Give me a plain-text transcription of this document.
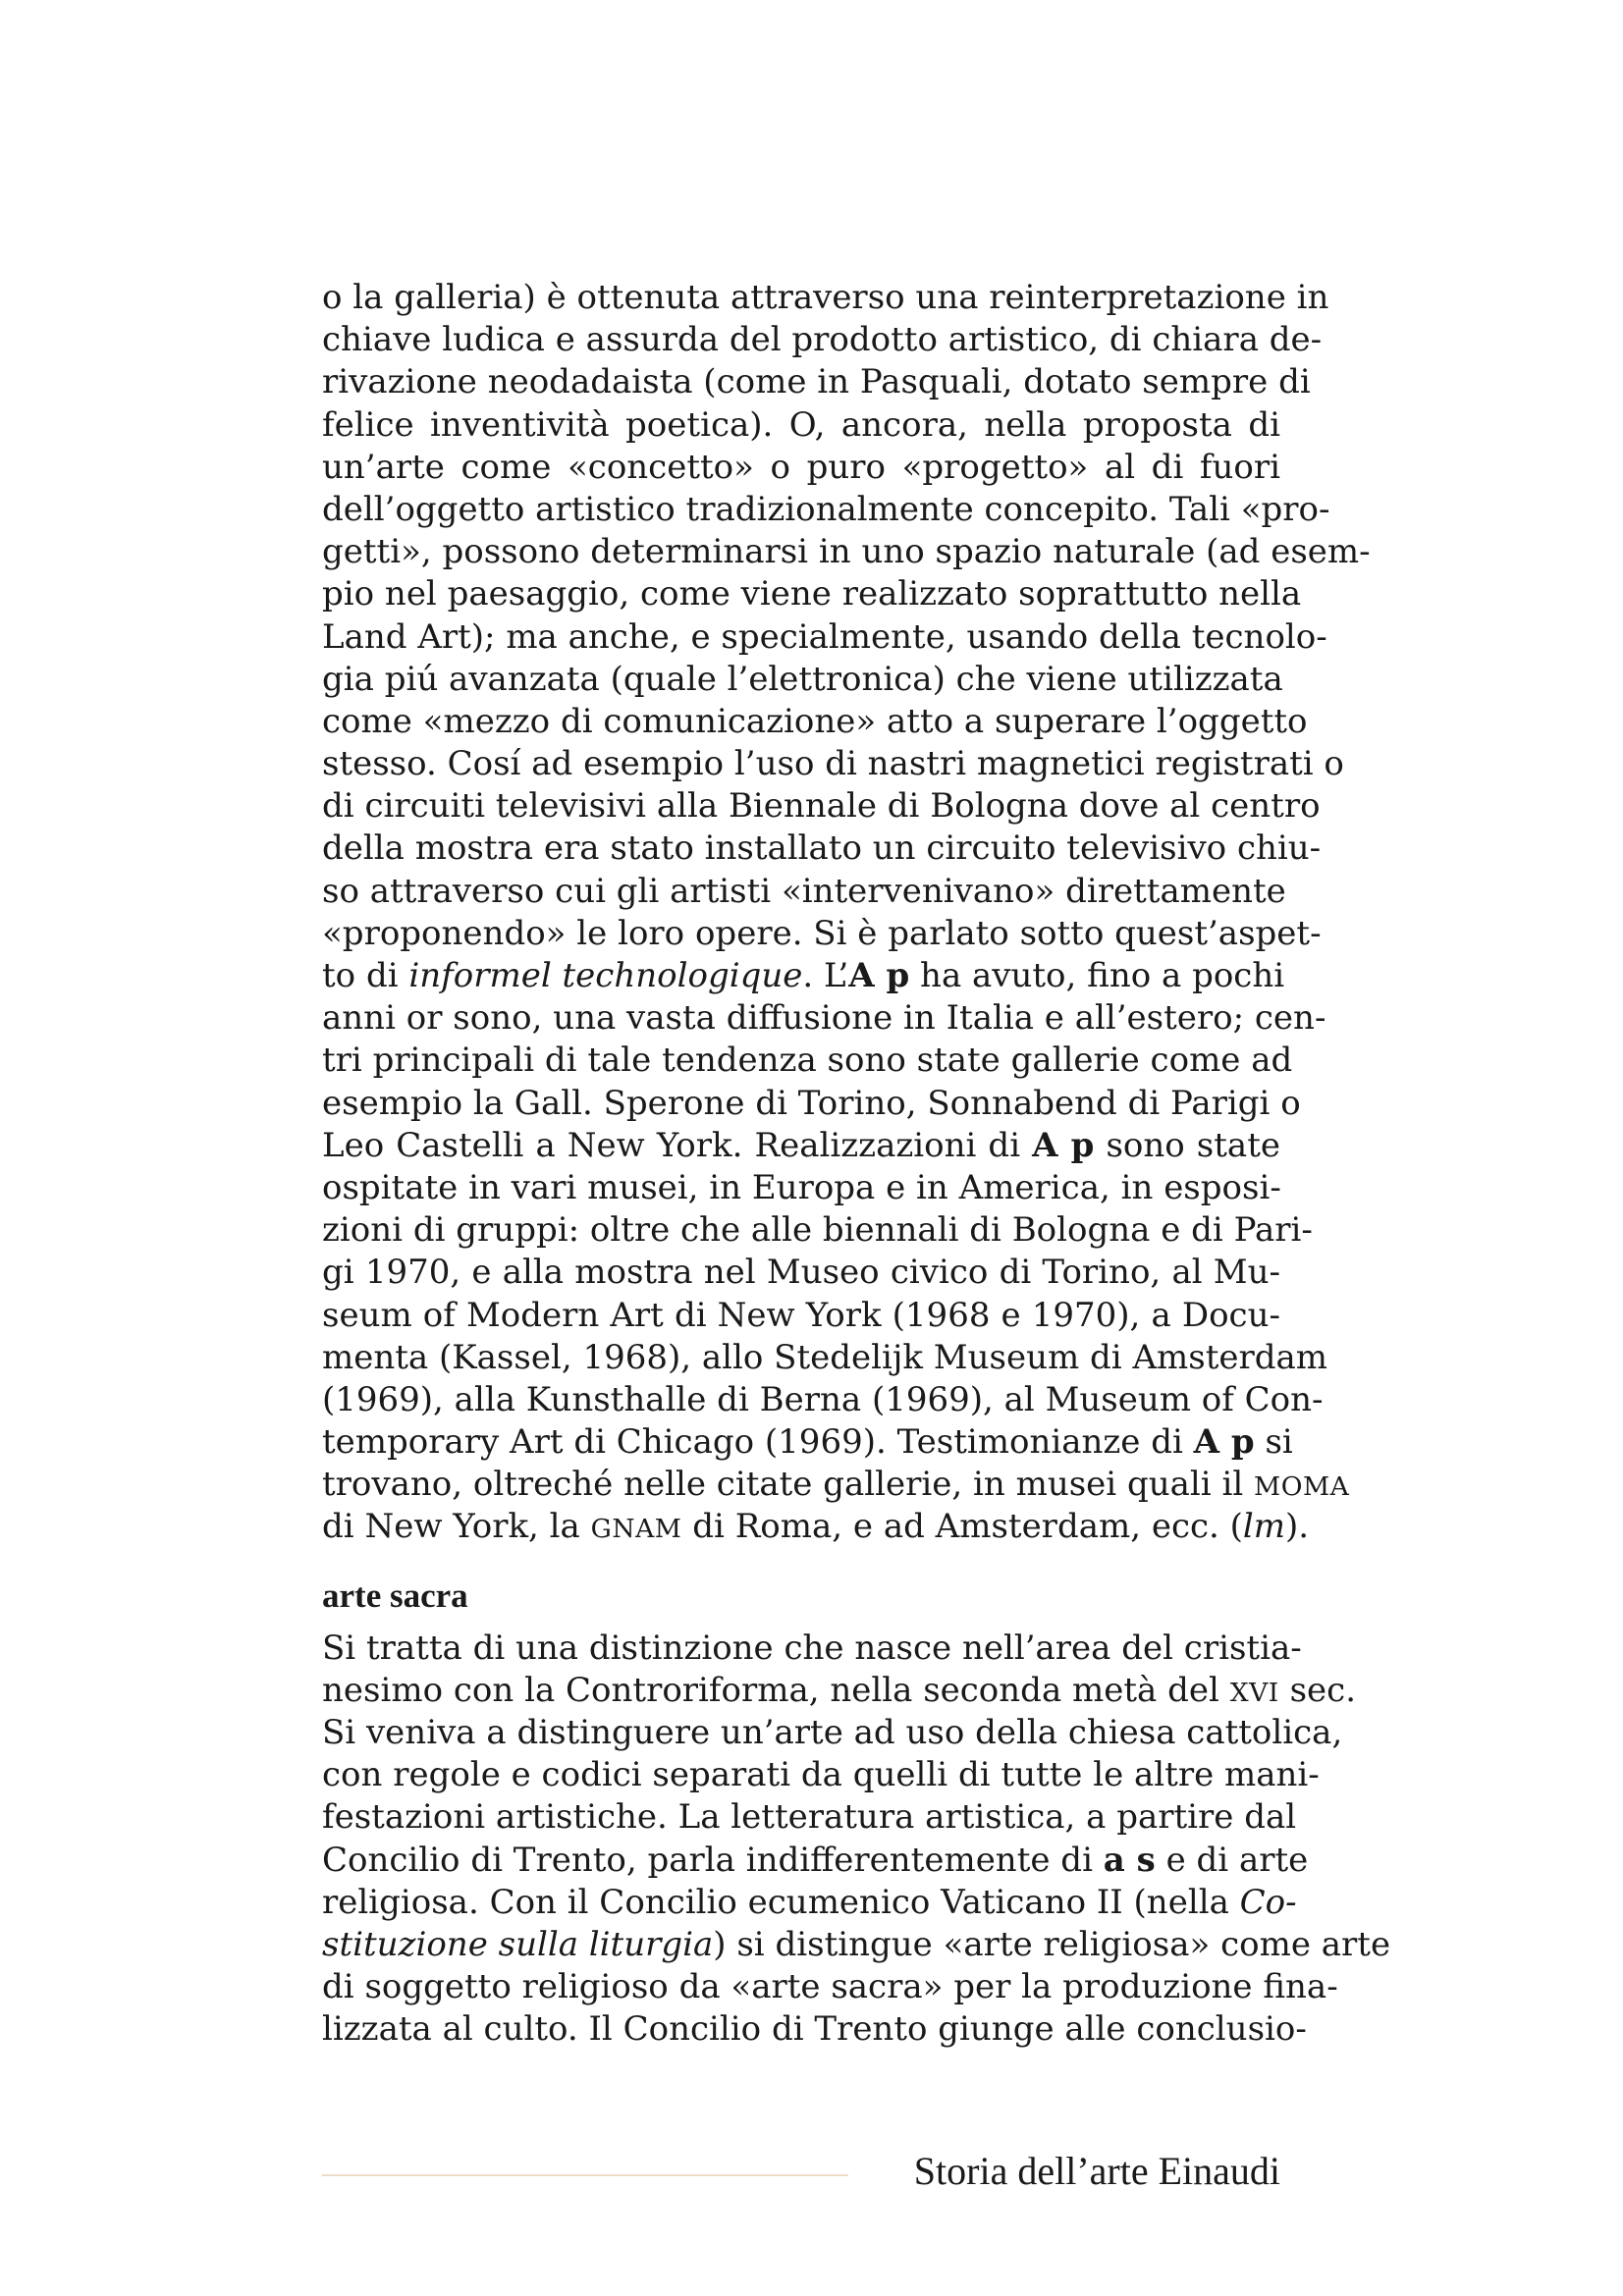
o la galleria) è ottenuta attraverso una reinterpretazione in
chiave ludica e assurda del prodotto artistico, di chiara de-
rivazione neodadaista (come in Pasquali, dotato sempre di
felice inventività poetica). O, ancora, nella proposta di
un’arte come «concetto» o puro «progetto» al di fuori
dell’oggetto artistico tradizionalmente concepito. Tali «pro-
getti», possono determinarsi in uno spazio naturale (ad esem-
pio nel paesaggio, come viene realizzato soprattutto nella
Land Art); ma anche, e specialmente, usando della tecnolo-
gia piú avanzata (quale l’elettronica) che viene utilizzata
come «mezzo di comunicazione» atto a superare l’oggetto
stesso. Cosí ad esempio l’uso di nastri magnetici registrati o
di circuiti televisivi alla Biennale di Bologna dove al centro
della mostra era stato installato un circuito televisivo chiu-
so attraverso cui gli artisti «intervenivano» direttamente
«proponendo» le loro opere. Si è parlato sotto quest’aspet-
to di informel technologique. L’A p ha avuto, fino a pochi
anni or sono, una vasta diffusione in Italia e all’estero; cen-
tri principali di tale tendenza sono state gallerie come ad
esempio la Gall. Sperone di Torino, Sonnabend di Parigi o
Leo Castelli a New York. Realizzazioni di A p sono state
ospitate in vari musei, in Europa e in America, in esposi-
zioni di gruppi: oltre che alle biennali di Bologna e di Pari-
gi 1970, e alla mostra nel Museo civico di Torino, al Mu-
seum of Modern Art di New York (1968 e 1970), a Docu-
menta (Kassel, 1968), allo Stedelijk Museum di Amsterdam
(1969), alla Kunsthalle di Berna (1969), al Museum of Con-
temporary Art di Chicago (1969). Testimonianze di A p si
trovano, oltreché nelle citate gallerie, in musei quali il MOMA
di New York, la GNAM di Roma, e ad Amsterdam, ecc. (lm).
arte sacra
Si tratta di una distinzione che nasce nell’area del cristia-
nesimo con la Controriforma, nella seconda metà del XVI sec.
Si veniva a distinguere un’arte ad uso della chiesa cattolica,
con regole e codici separati da quelli di tutte le altre mani-
festazioni artistiche. La letteratura artistica, a partire dal
Concilio di Trento, parla indifferentemente di a s e di arte
religiosa. Con il Concilio ecumenico Vaticano II (nella Co-
stituzione sulla liturgia) si distingue «arte religiosa» come arte
di soggetto religioso da «arte sacra» per la produzione fina-
lizzata al culto. Il Concilio di Trento giunge alle conclusio-
Storia dell’arte Einaudi
